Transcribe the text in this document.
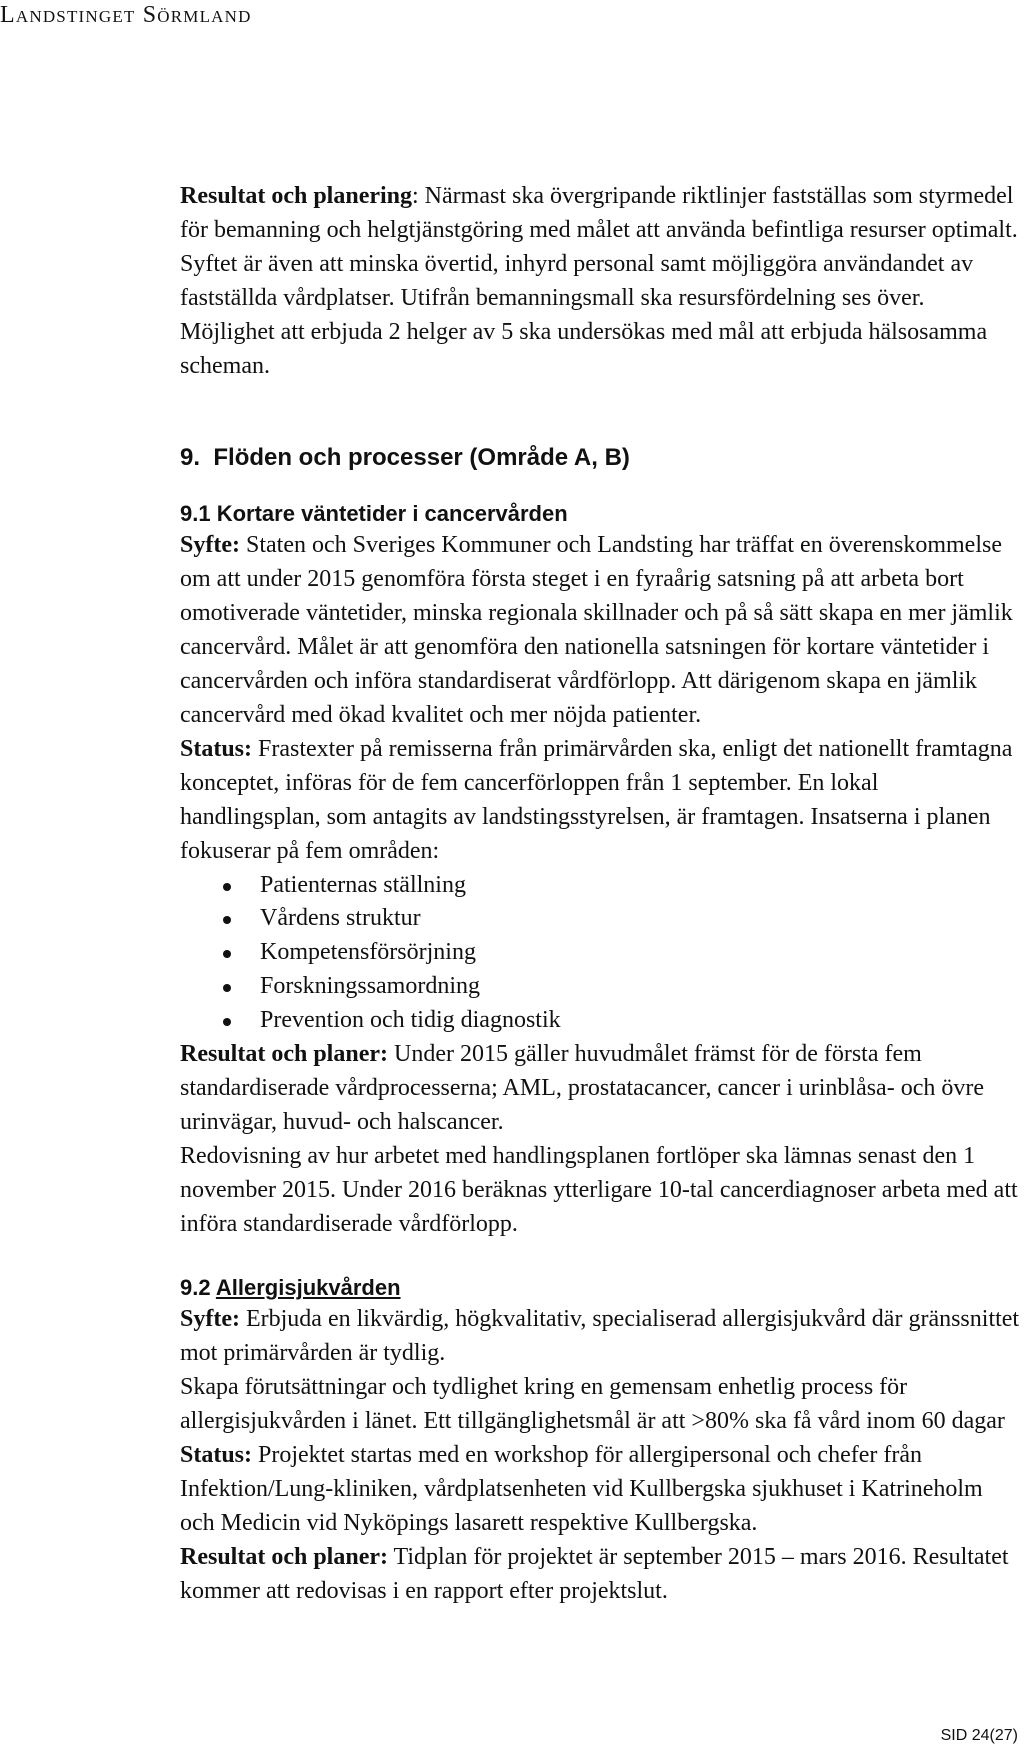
Landstinget Sörmland

Resultat och planering: Närmast ska övergripande riktlinjer fastställas som styrmedel för bemanning och helgtjänstgöring med målet att använda befintliga resurser optimalt. Syftet är även att minska övertid, inhyrd personal samt möjliggöra användandet av fastställda vårdplatser. Utifrån bemanningsmall ska resursfördelning ses över. Möjlighet att erbjuda 2 helger av 5 ska undersökas med mål att erbjuda hälsosamma scheman.

9. Flöden och processer (Område A, B)
9.1 Kortare väntetider i cancervården

Syfte: Staten och Sveriges Kommuner och Landsting har träffat en överenskommelse om att under 2015 genomföra första steget i en fyraårig satsning på att arbeta bort omotiverade väntetider, minska regionala skillnader och på så sätt skapa en mer jämlik cancervård. Målet är att genomföra den nationella satsningen för kortare väntetider i cancervården och införa standardiserat vårdförlopp. Att därigenom skapa en jämlik cancervård med ökad kvalitet och mer nöjda patienter.

Status: Frastexter på remisserna från primärvården ska, enligt det nationellt framtagna konceptet, införas för de fem cancerförloppen från 1 september. En lokal handlingsplan, som antagits av landstingsstyrelsen, är framtagen. Insatserna i planen fokuserar på fem områden:

Patienternas ställning
Vårdens struktur
Kompetensförsörjning
Forskningssamordning
Prevention och tidig diagnostik

Resultat och planer: Under 2015 gäller huvudmålet främst för de första fem standardiserade vårdprocesserna; AML, prostatacancer, cancer i urinblåsa- och övre urinvägar, huvud- och halscancer.

Redovisning av hur arbetet med handlingsplanen fortlöper ska lämnas senast den 1 november 2015. Under 2016 beräknas ytterligare 10-tal cancerdiagnoser arbeta med att införa standardiserade vårdförlopp.

9.2 Allergisjukvården

Syfte: Erbjuda en likvärdig, högkvalitativ, specialiserad allergisjukvård där gränssnittet mot primärvården är tydlig.

Skapa förutsättningar och tydlighet kring en gemensam enhetlig process för allergisjukvården i länet. Ett tillgänglighetsmål är att >80% ska få vård inom 60 dagar

Status: Projektet startas med en workshop för allergipersonal och chefer från Infektion/Lung-kliniken, vårdplatsenheten vid Kullbergska sjukhuset i Katrineholm och Medicin vid Nyköpings lasarett respektive Kullbergska.

Resultat och planer: Tidplan för projektet är september 2015 – mars 2016. Resultatet kommer att redovisas i en rapport efter projektslut.

SID 24(27)
